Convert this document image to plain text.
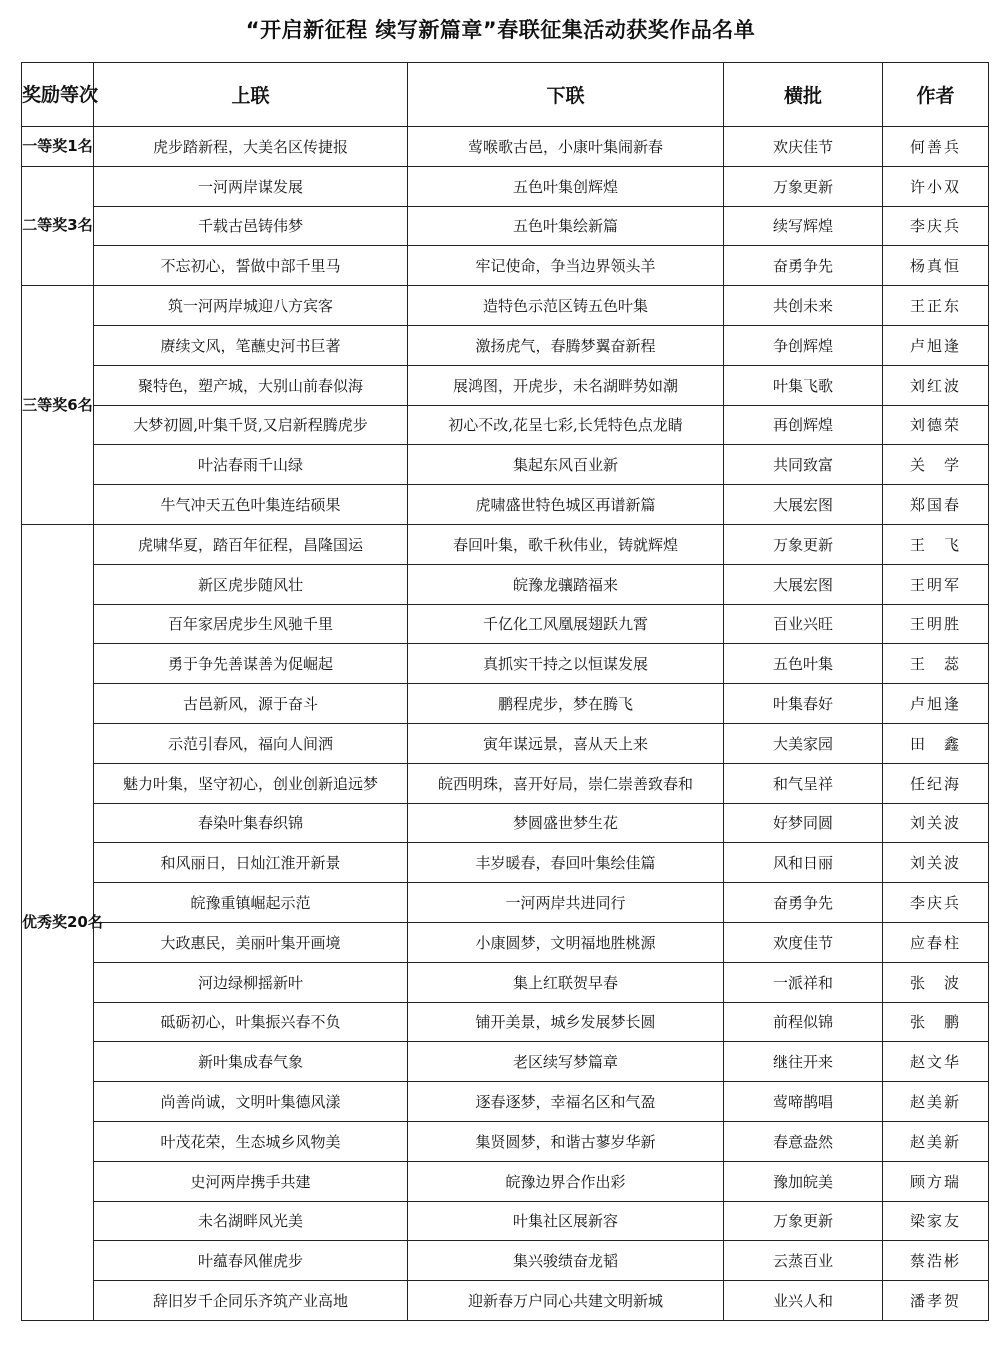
“开启新征程 续写新篇章”春联征集活动获奖作品名单
奖励等次	上联	下联	横批	作者
一等奖1名	虎步踏新程，大美名区传捷报	莺喉歌古邑，小康叶集闹新春	欢庆佳节	何善兵
二等奖3名	一河两岸谋发展	五色叶集创辉煌	万象更新	许小双
	千载古邑铸伟梦	五色叶集绘新篇	续写辉煌	李庆兵
	不忘初心，誓做中部千里马	牢记使命，争当边界领头羊	奋勇争先	杨真恒
三等奖6名	筑一河两岸城迎八方宾客	造特色示范区铸五色叶集	共创未来	王正东
	赓续文风，笔蘸史河书巨著	激扬虎气，春腾梦翼奋新程	争创辉煌	卢旭逢
	聚特色，塑产城，大别山前春似海	展鸿图，开虎步，未名湖畔势如潮	叶集飞歌	刘红波
	大梦初圆,叶集千贤,又启新程腾虎步	初心不改,花呈七彩,长凭特色点龙睛	再创辉煌	刘德荣
	叶沾春雨千山绿	集起东风百业新	共同致富	关　学
	牛气冲天五色叶集连结硕果	虎啸盛世特色城区再谱新篇	大展宏图	郑国春
优秀奖20名	虎啸华夏，踏百年征程，昌隆国运	春回叶集，歌千秋伟业，铸就辉煌	万象更新	王　飞
	新区虎步随风壮	皖豫龙骧踏福来	大展宏图	王明军
	百年家居虎步生风驰千里	千亿化工风凰展翅跃九霄	百业兴旺	王明胜
	勇于争先善谋善为促崛起	真抓实干持之以恒谋发展	五色叶集	王　蕊
	古邑新风，源于奋斗	鹏程虎步，梦在腾飞	叶集春好	卢旭逢
	示范引春风，福向人间洒	寅年谋远景，喜从天上来	大美家园	田　鑫
	魅力叶集，坚守初心，创业创新追远梦	皖西明珠，喜开好局，崇仁崇善致春和	和气呈祥	任纪海
	春染叶集春织锦	梦圆盛世梦生花	好梦同圆	刘关波
	和风丽日，日灿江淮开新景	丰岁暖春，春回叶集绘佳篇	风和日丽	刘关波
	皖豫重镇崛起示范	一河两岸共进同行	奋勇争先	李庆兵
	大政惠民，美丽叶集开画境	小康圆梦，文明福地胜桃源	欢度佳节	应春柱
	河边绿柳摇新叶	集上红联贺早春	一派祥和	张　波
	砥砺初心，叶集振兴春不负	铺开美景，城乡发展梦长圆	前程似锦	张　鹏
	新叶集成春气象	老区续写梦篇章	继往开来	赵文华
	尚善尚诚，文明叶集德风漾	逐春逐梦，幸福名区和气盈	莺啼鹊唱	赵美新
	叶茂花荣，生态城乡风物美	集贤圆梦，和谐古蓼岁华新	春意盎然	赵美新
	史河两岸携手共建	皖豫边界合作出彩	豫加皖美	顾方瑞
	未名湖畔风光美	叶集社区展新容	万象更新	梁家友
	叶蕴春风催虎步	集兴骏绩奋龙韬	云蒸百业	蔡浩彬
	辞旧岁千企同乐齐筑产业高地	迎新春万户同心共建文明新城	业兴人和	潘孝贺
